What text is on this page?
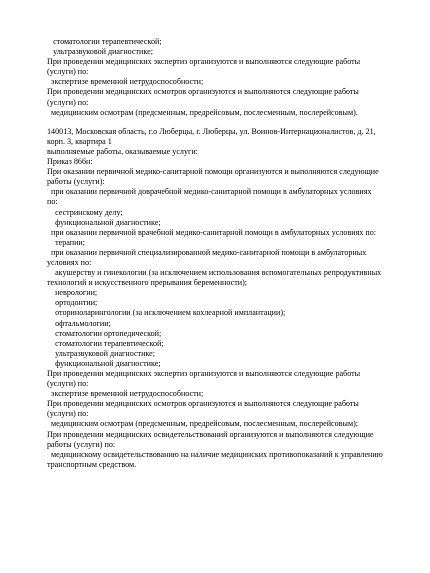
стоматологии терапевтической;
ультразвуковой диагностике;
При проведении медицинских экспертиз организуются и выполняются следующие работы
(услуги) по:
экспертизе временной нетрудоспособности;
При проведении медицинских осмотров организуются и выполняются следующие работы
(услуги) по:
медицинским осмотрам (предсменным, предрейсовым, послесменным, послерейсовым).
140013, Московская область, г.о Люберцы, г. Люберцы, ул. Воинов-Интернационалистов, д. 21,
корп. 3, квартира 1
выполняемые работы, оказываемые услуги:
Приказ 866н:
При оказании первичной медико-санитарной помощи организуются и выполняются следующие
работы (услуги):
при оказании первичной доврачебной медико-санитарной помощи в амбулаторных условиях
по:
сестринскому делу;
функциональной диагностике;
при оказании первичной врачебной медико-санитарной помощи в амбулаторных условиях по:
терапии;
при оказании первичной специализированной медико-санитарной помощи в амбулаторных
условиях по:
акушерству и гинекологии (за исключением использования вспомогательных репродуктивных
технологий и искусственного прерывания беременности);
неврологии;
ортодонтии;
оториноларингологии (за исключением кохлеарной имплантации);
офтальмологии;
стоматологии ортопедической;
стоматологии терапевтической;
ультразвуковой диагностике;
функциональной диагностике;
При проведении медицинских экспертиз организуются и выполняются следующие работы
(услуги) по:
экспертизе временной нетрудоспособности;
При проведении медицинских осмотров организуются и выполняются следующие работы
(услуги) по:
медицинским осмотрам (предсменным, предрейсовым, послесменным, послерейсовым);
При проведении медицинских освидетельствований организуются и выполняются следующие
работы (услуги) по:
медицинскому освидетельствованию на наличие медицинских противопоказаний к управлению
транспортным средством.
